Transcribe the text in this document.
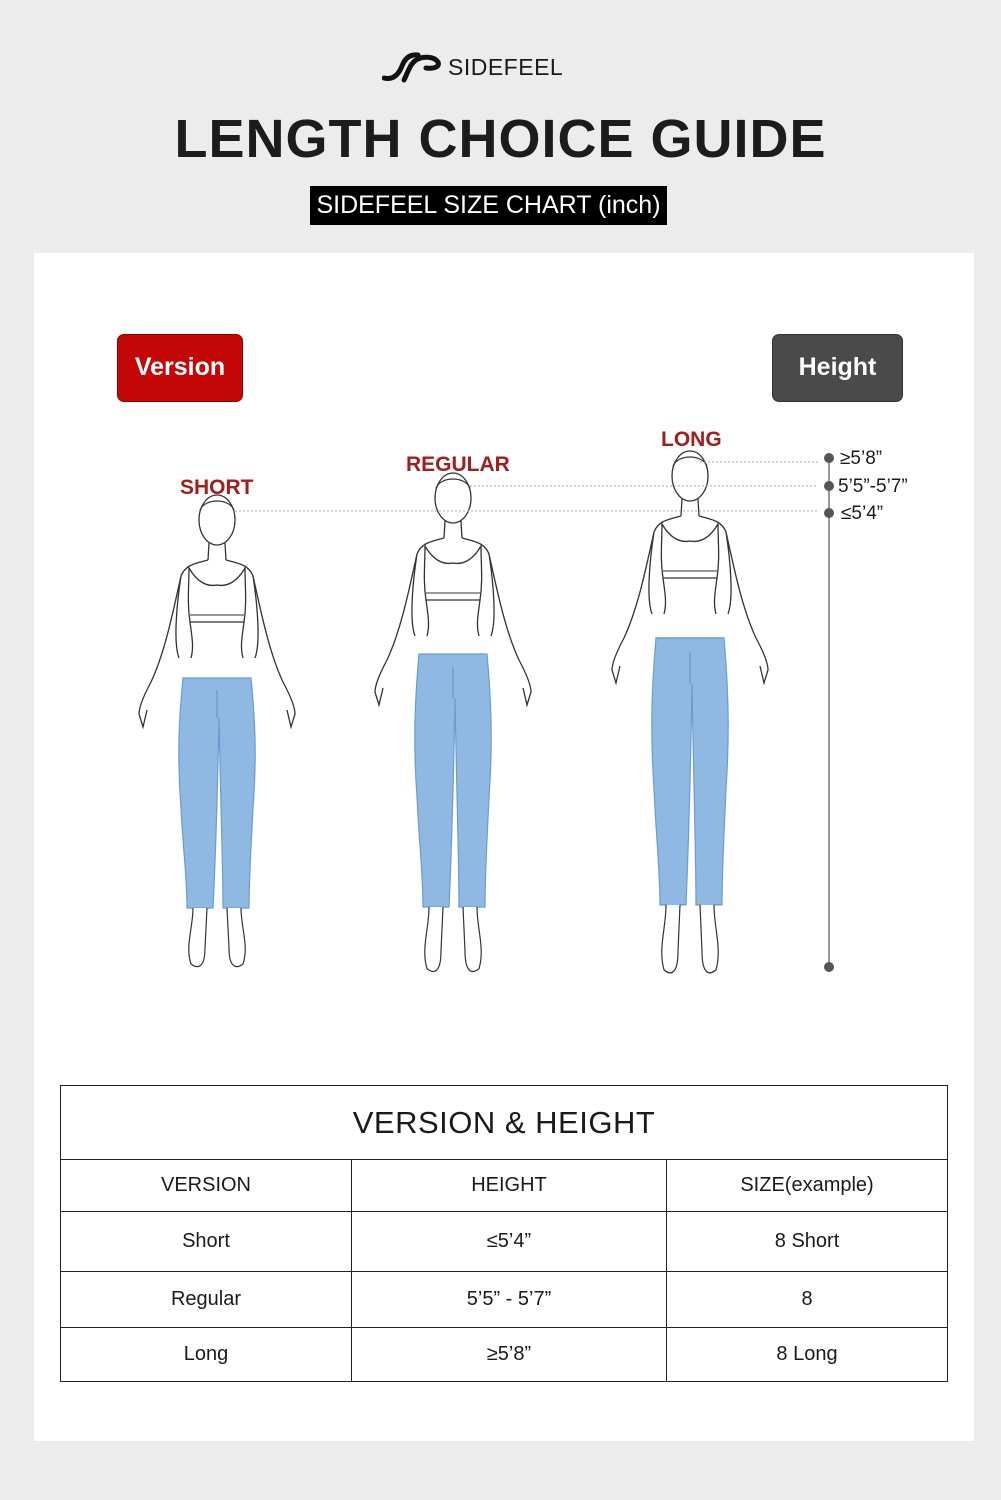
SIDEFEEL
LENGTH CHOICE GUIDE
SIDEFEEL SIZE CHART (inch)
Version	Height
SHORT
REGULAR
LONG
≥5’8”
5’5”-5’7”
≤5’4”
VERSION & HEIGHT		
VERSION	HEIGHT	SIZE(example)
Short	≤5’4”	8 Short
Regular	5’5” - 5’7”	8
Long	≥5’8”	8 Long
